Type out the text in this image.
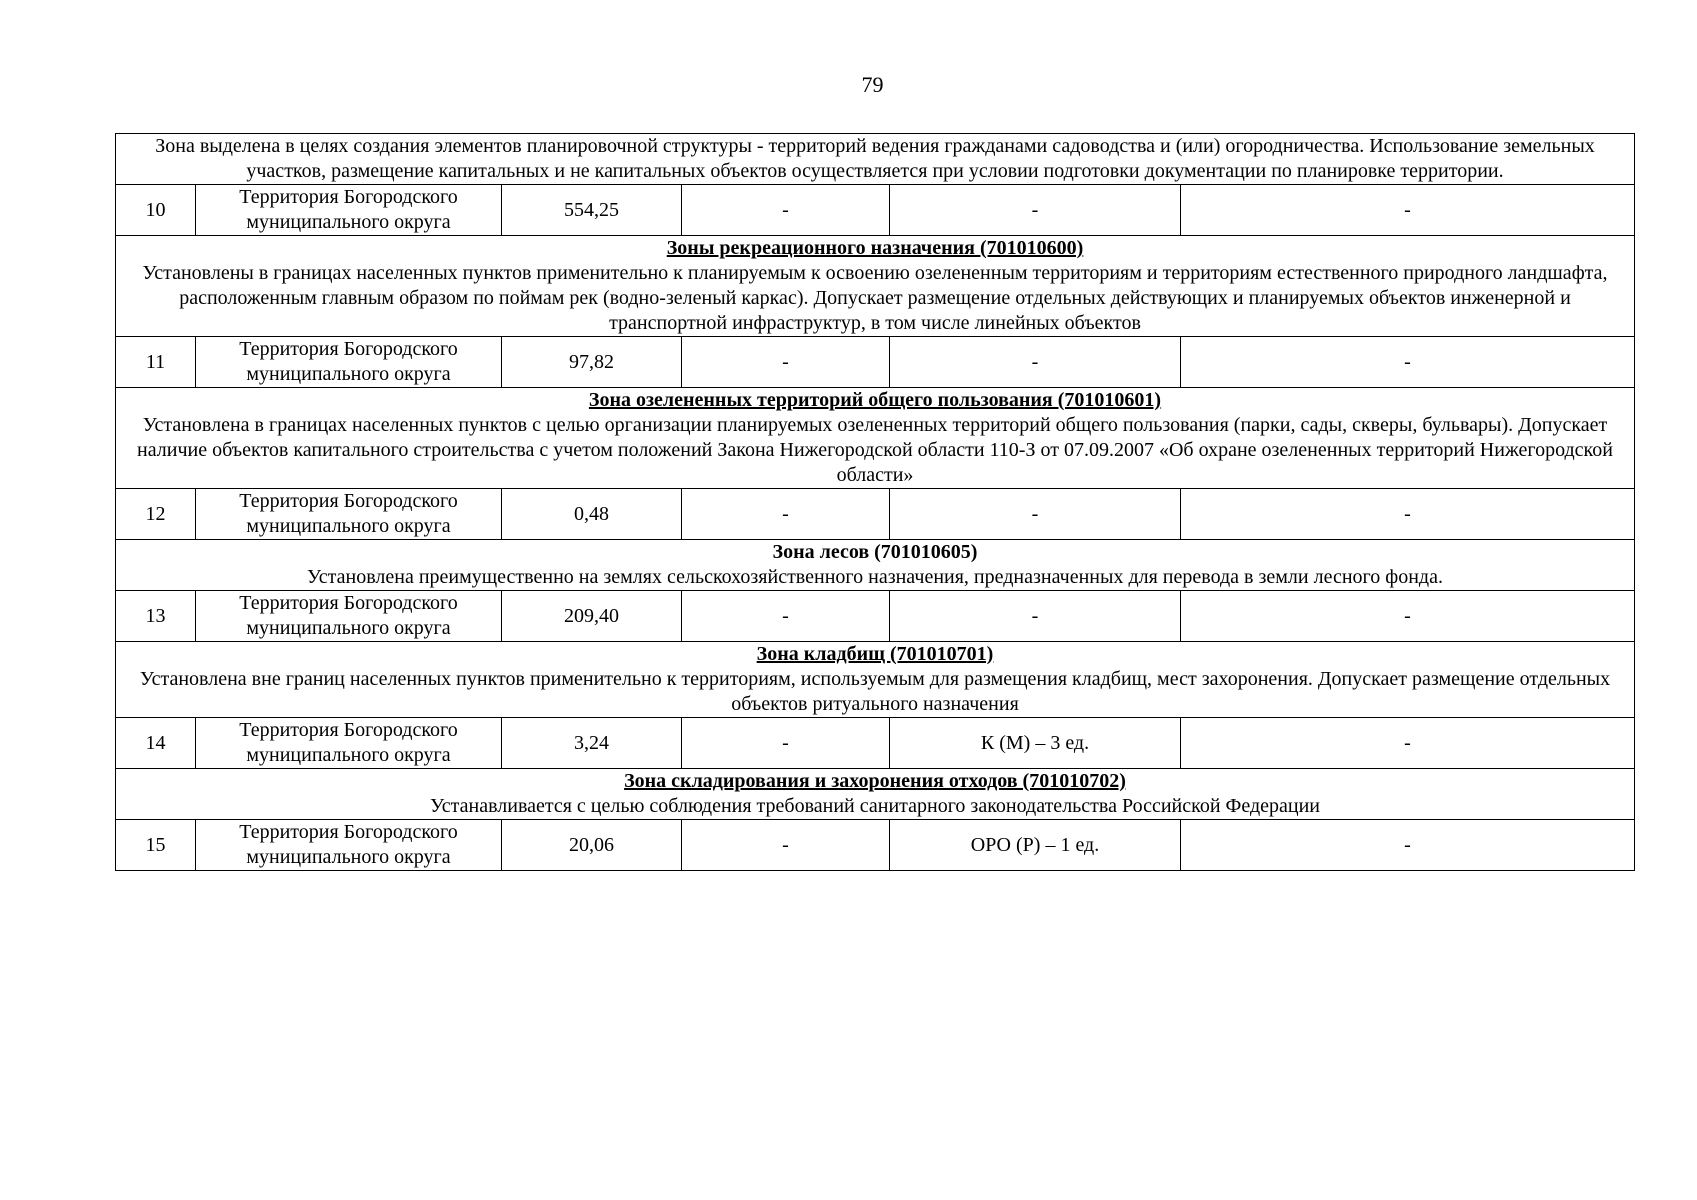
79
Зона выделена в целях создания элементов планировочной структуры - территорий ведения гражданами садоводства и (или) огородничества. Использование земельных участков, размещение капитальных и не капитальных объектов осуществляется при условии подготовки документации по планировке территории.					

10	Территория Богородского муниципального округа	554,25	-	-	-

Зоны рекреационного назначения (701010600)
Установлены в границах населенных пунктов применительно к планируемым к освоению озелененным территориям и территориям естественного природного ландшафта, расположенным главным образом по поймам рек (водно-зеленый каркас). Допускает размещение отдельных действующих и планируемых объектов инженерной и транспортной инфраструктур, в том числе линейных объектов					

11	Территория Богородского муниципального округа	97,82	-	-	-

Зона озелененных территорий общего пользования (701010601)
Установлена в границах населенных пунктов с целью организации планируемых озелененных территорий общего пользования (парки, сады, скверы, бульвары). Допускает наличие объектов капитального строительства с учетом положений Закона Нижегородской области 110-З от 07.09.2007 «Об охране озелененных территорий Нижегородской области»					

12	Территория Богородского муниципального округа	0,48	-	-	-

Зона лесов (701010605)
Установлена преимущественно на землях сельскохозяйственного назначения, предназначенных для перевода в земли лесного фонда.					

13	Территория Богородского муниципального округа	209,40	-	-	-

Зона кладбищ (701010701)
Установлена вне границ населенных пунктов применительно к территориям, используемым для размещения кладбищ, мест захоронения. Допускает размещение отдельных объектов ритуального назначения					

14	Территория Богородского муниципального округа	3,24	-	К (М) – 3 ед.	-

Зона складирования и захоронения отходов (701010702)
Устанавливается с целью соблюдения требований санитарного законодательства Российской Федерации					

15	Территория Богородского муниципального округа	20,06	-	ОРО (Р) – 1 ед.	-
